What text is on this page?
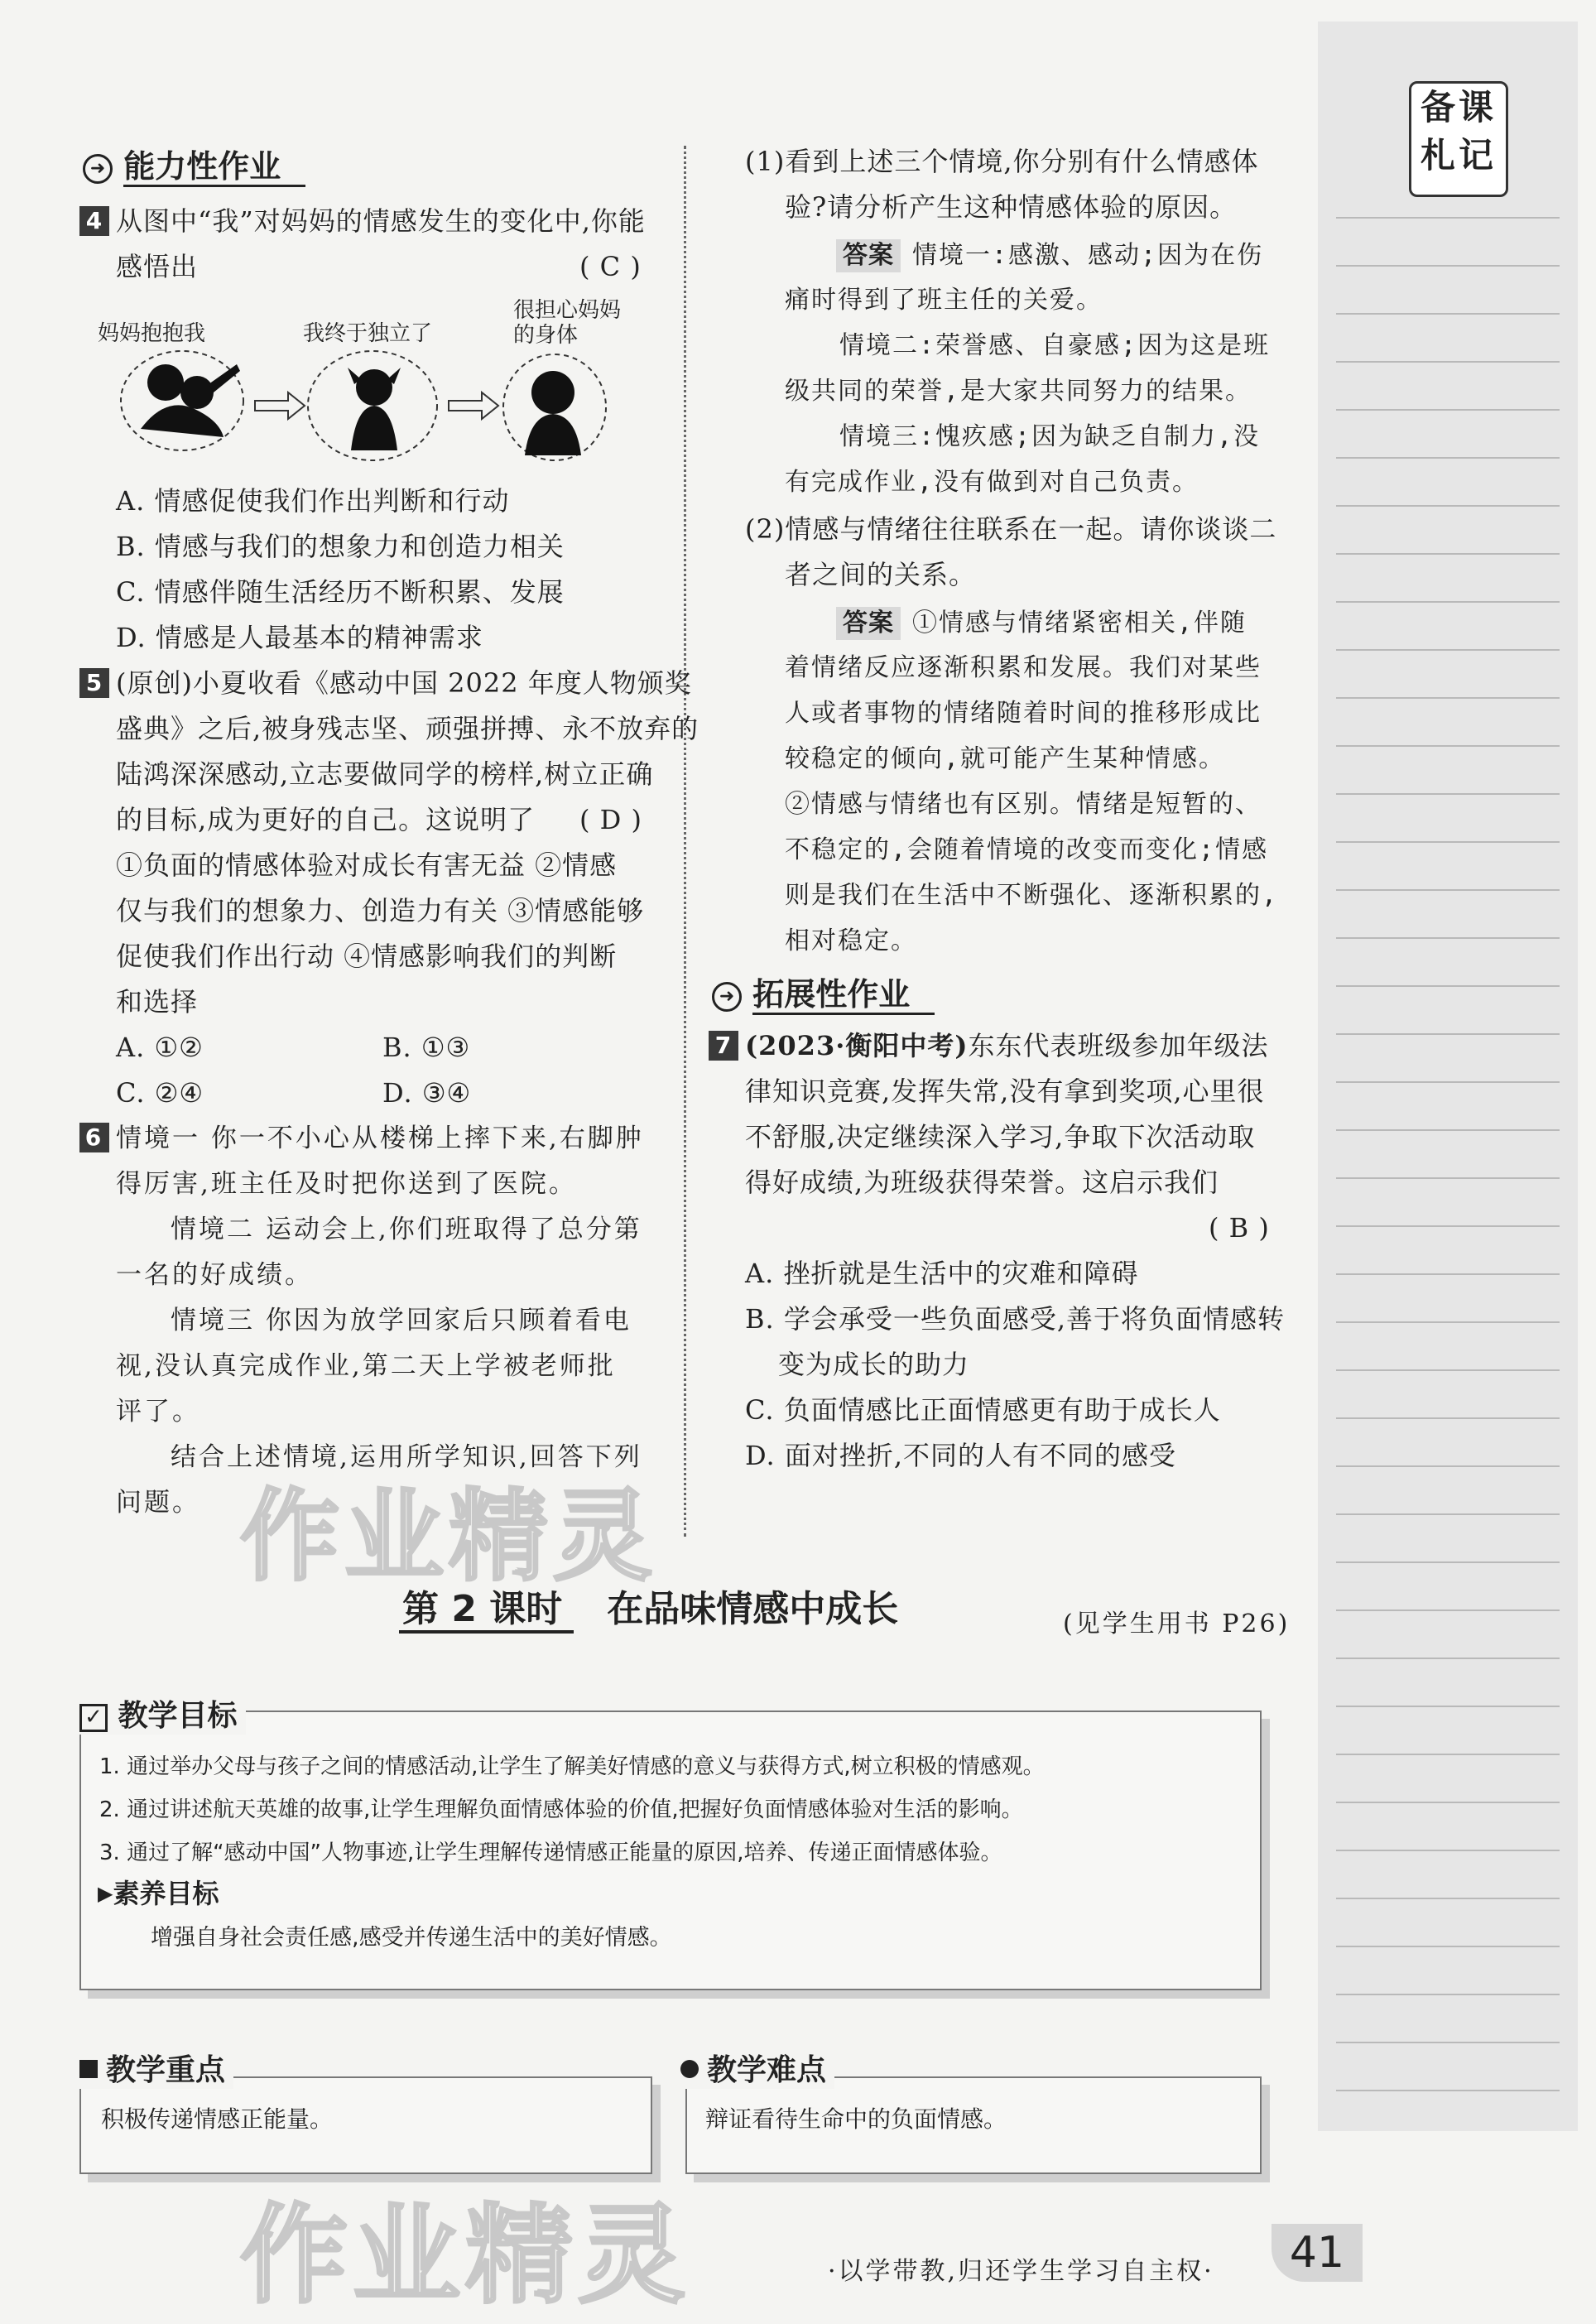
备课札记
➜ 能力性作业
4 从图中“我”对妈妈的情感发生的变化中,你能
感悟出	( C )
妈妈抱抱我	我终于独立了
很担心妈妈
的身体
A. 情感促使我们作出判断和行动
B. 情感与我们的想象力和创造力相关
C. 情感伴随生活经历不断积累、发展
D. 情感是人最基本的精神需求
5 (原创)小夏收看《感动中国 2022 年度人物颁奖
盛典》之后,被身残志坚、顽强拼搏、永不放弃的
陆鸿深深感动,立志要做同学的榜样,树立正确
的目标,成为更好的自己。这说明了 ( D )
①负面的情感体验对成长有害无益 ②情感
仅与我们的想象力、创造力有关 ③情感能够
促使我们作出行动 ④情感影响我们的判断
和选择
A. ①②	B. ①③
C. ②④	D. ③④
6 情境一 你一不小心从楼梯上摔下来,右脚肿
得厉害,班主任及时把你送到了医院。
情境二 运动会上,你们班取得了总分第
一名的好成绩。
情境三 你因为放学回家后只顾着看电
视,没认真完成作业,第二天上学被老师批
评了。
结合上述情境,运用所学知识,回答下列
问题。
(1)看到上述三个情境,你分别有什么情感体
验?请分析产生这种情感体验的原因。
答案 情境一:感激、感动;因为在伤
痛时得到了班主任的关爱。
情境二:荣誉感、自豪感;因为这是班
级共同的荣誉,是大家共同努力的结果。
情境三:愧疚感;因为缺乏自制力,没
有完成作业,没有做到对自己负责。
(2)情感与情绪往往联系在一起。请你谈谈二
者之间的关系。
答案 ①情感与情绪紧密相关,伴随
着情绪反应逐渐积累和发展。我们对某些
人或者事物的情绪随着时间的推移形成比
较稳定的倾向,就可能产生某种情感。
②情感与情绪也有区别。情绪是短暂的、
不稳定的,会随着情境的改变而变化;情感
则是我们在生活中不断强化、逐渐积累的,
相对稳定。
➜ 拓展性作业
7 (2023·衡阳中考)东东代表班级参加年级法
律知识竞赛,发挥失常,没有拿到奖项,心里很
不舒服,决定继续深入学习,争取下次活动取
得好成绩,为班级获得荣誉。这启示我们
( B )
A. 挫折就是生活中的灾难和障碍
B. 学会承受一些负面感受,善于将负面情感转
变为成长的助力
C. 负面情感比正面情感更有助于成长人
D. 面对挫折,不同的人有不同的感受
作业精灵
第 2 课时 在品味情感中成长	(见学生用书 P26)
✓ 教学目标
1. 通过举办父母与孩子之间的情感活动,让学生了解美好情感的意义与获得方式,树立积极的情感观。
2. 通过讲述航天英雄的故事,让学生理解负面情感体验的价值,把握好负面情感体验对生活的影响。
3. 通过了解“感动中国”人物事迹,让学生理解传递情感正能量的原因,培养、传递正面情感体验。
▶素养目标
增强自身社会责任感,感受并传递生活中的美好情感。
教学重点
积极传递情感正能量。
教学难点
辩证看待生命中的负面情感。
作业精灵	·以学带教,归还学生学习自主权·	41
